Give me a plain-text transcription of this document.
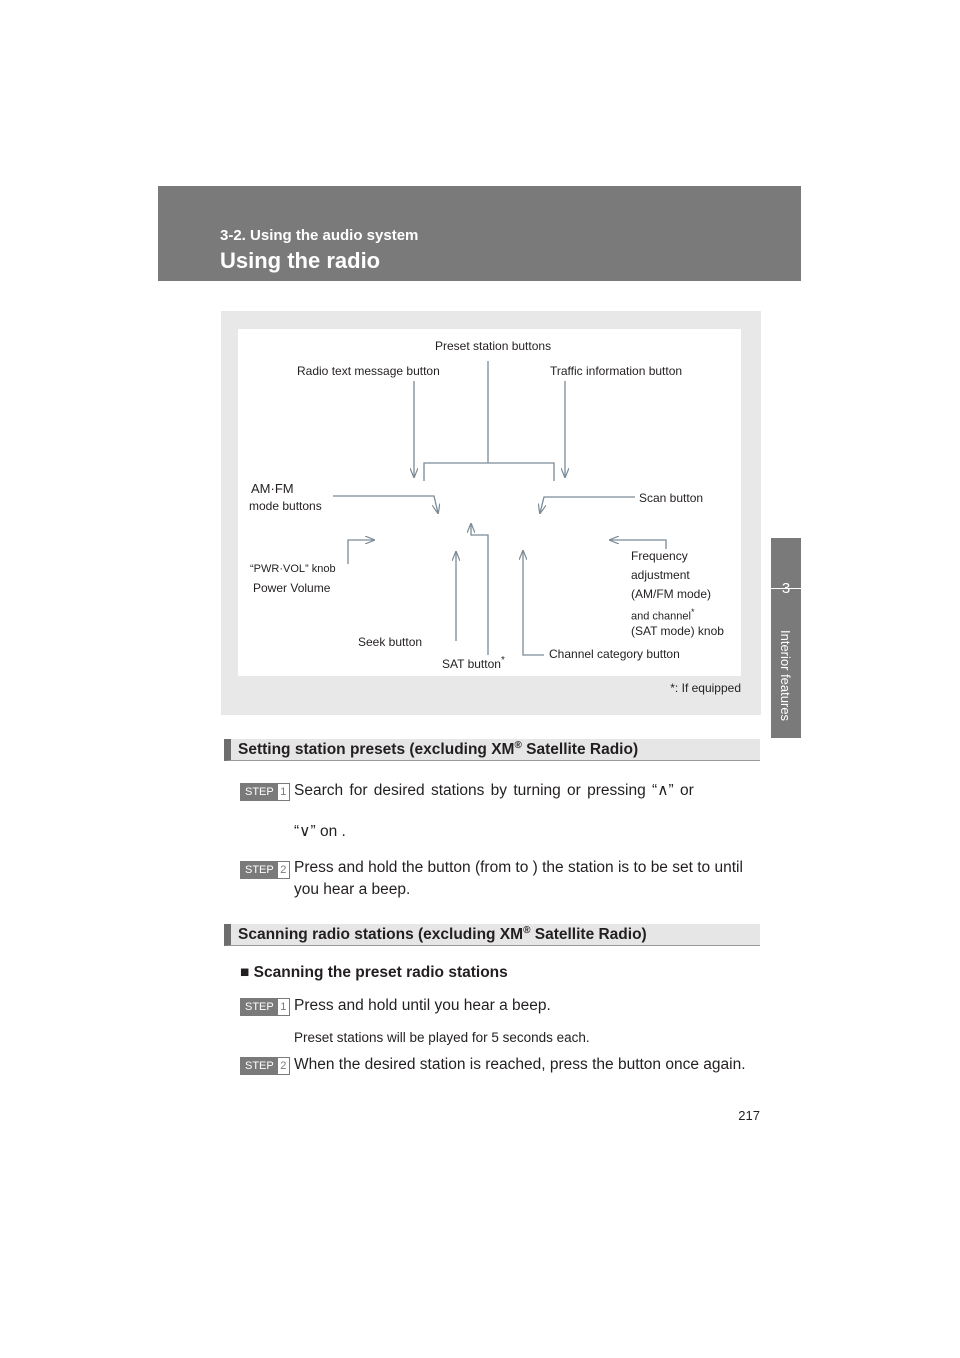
3-2. Using the audio system
Using the radio
Interior features
Preset station buttons
Radio text message button	Traffic information button
AM·FM
mode buttons
Scan button
“PWR·VOL” knob
Power Volume
Frequency
adjustment
(AM/FM mode)
and channel*
(SAT mode) knob
Seek button
SAT button*	Channel category button
*: If equipped
Setting station presets (excluding XM® Satellite Radio)
STEP 1 Search for desired stations by turning or pressing “∧” or
“∨” on .
STEP 2 Press and hold the button (from to ) the station is to be set to until you hear a beep.
Scanning radio stations (excluding XM® Satellite Radio)
■ Scanning the preset radio stations
STEP 1 Press and hold until you hear a beep.
Preset stations will be played for 5 seconds each.
STEP 2 When the desired station is reached, press the button once again.
217
